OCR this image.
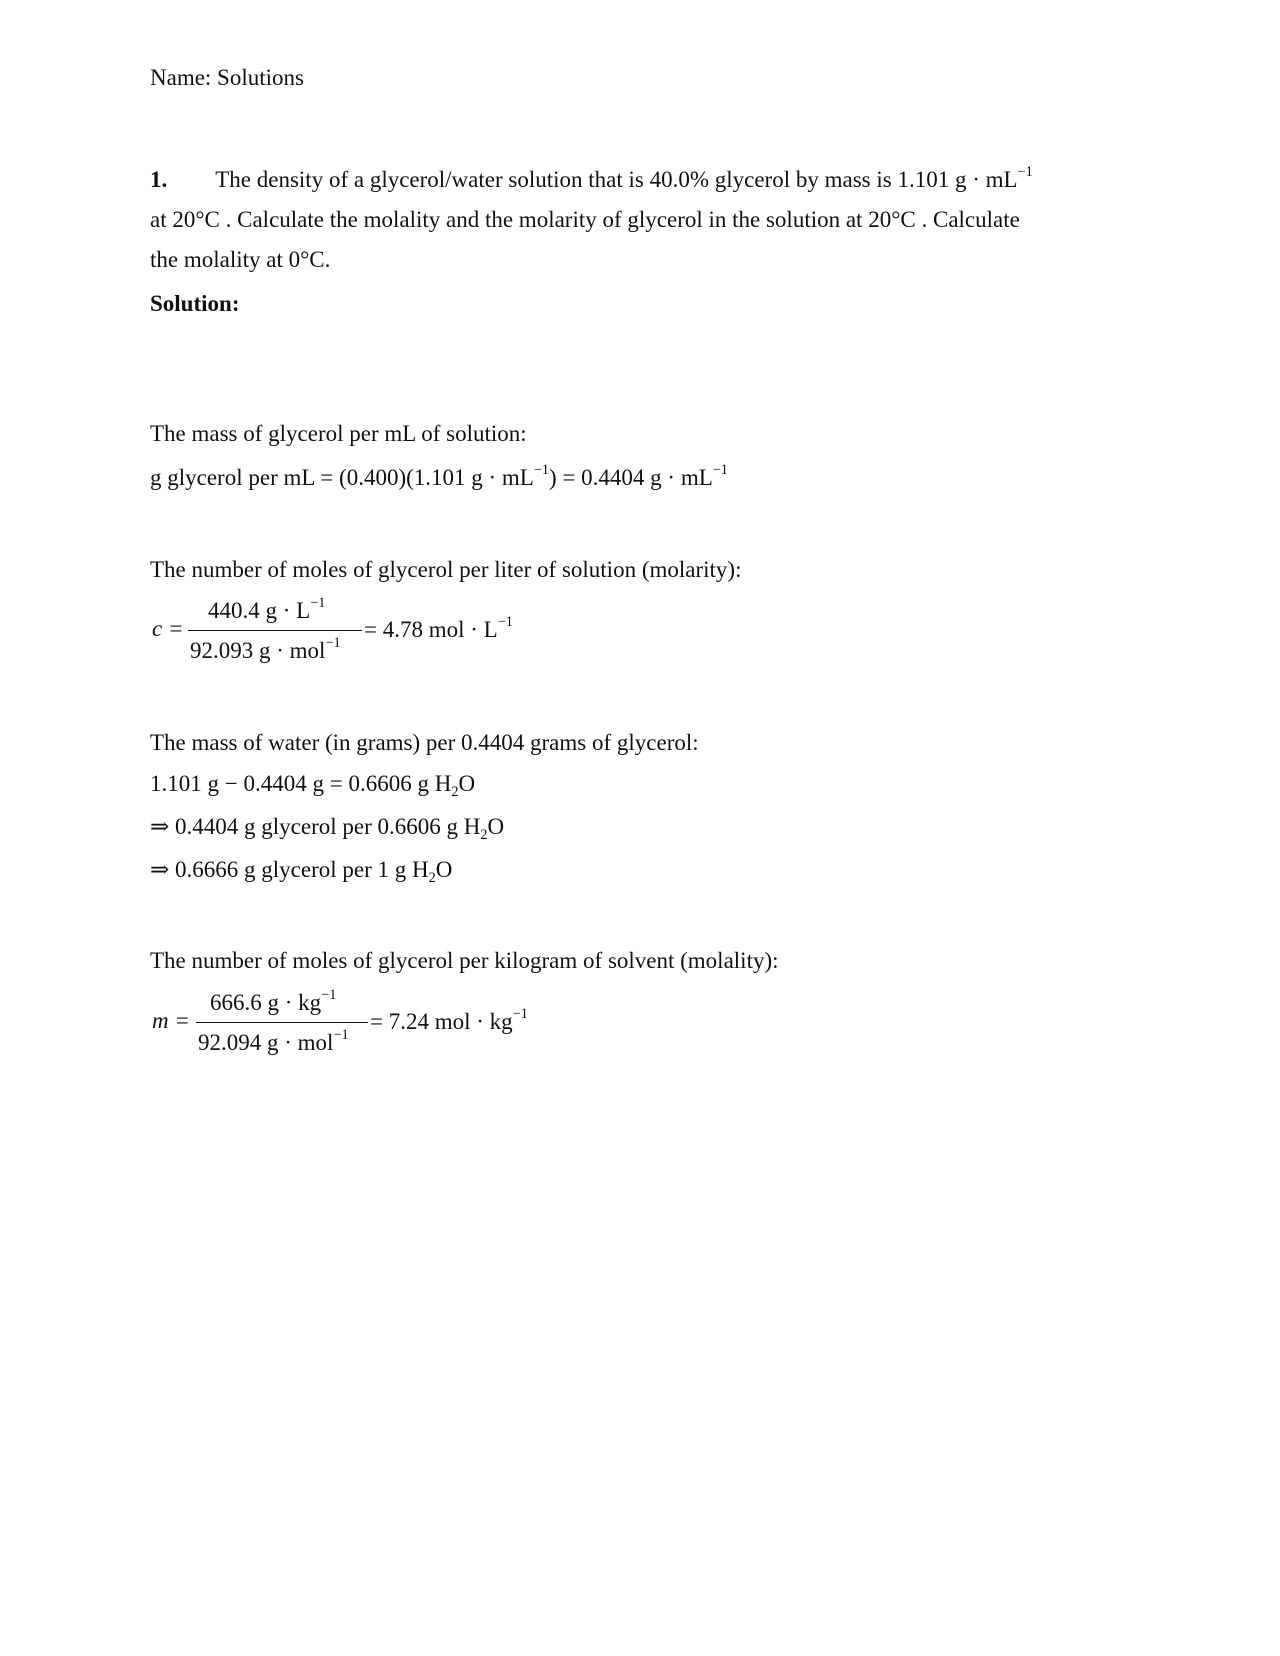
Name: Solutions
1. The density of a glycerol/water solution that is 40.0% glycerol by mass is 1.101 $g \cdot mL^{-1}$
at 20°C . Calculate the molality and the molarity of glycerol in the solution at 20°C . Calculate
the molality at 0°C.
Solution:
The mass of glycerol per mL of solution:
g glycerol per mL = (0.400)(1.101 $g \cdot mL^{-1}) = 0.4404$ $g \cdot mL^{-1}$
The number of moles of glycerol per liter of solution (molarity):
c =
440.4 $g \cdot L^{-1}$
92.093 g · mol$^{-1}$
= 4.78 mol · $L^{-1}$
The mass of water (in grams) per 0.4404 grams of glycerol:
1.101 g − 0.4404 g = 0.6606 g $H_2O$
⇒ 0.4404 g glycerol per 0.6606 g $H_2O$
⇒ 0.6666 g glycerol per 1 g $H_2O$
The number of moles of glycerol per kilogram of solvent (molality):
m =
666.6 $g \cdot kg^{-1}$
92.094 g · mol$^{-1}$
= 7.24 mol · $kg^{-1}$
